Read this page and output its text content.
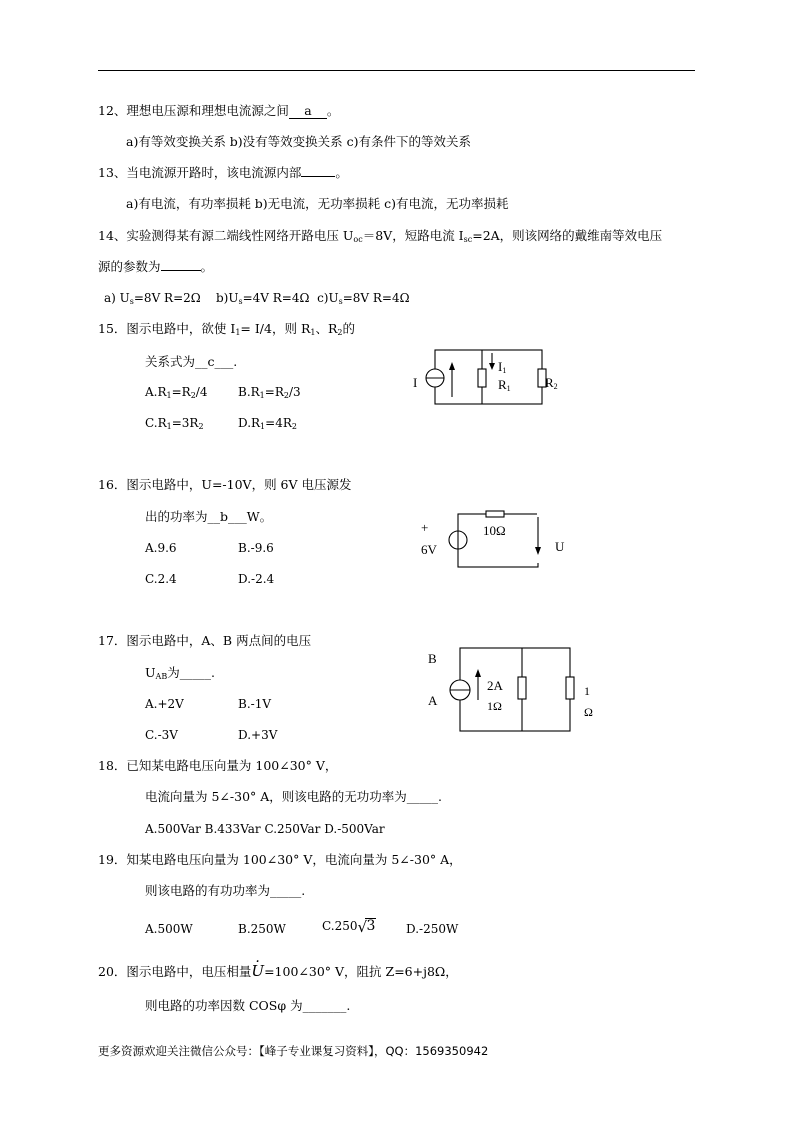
12、理想电压源和理想电流源之间 a 。
a)有等效变换关系 b)没有等效变换关系 c)有条件下的等效关系
13、当电流源开路时，该电流源内部	。
a)有电流，有功率损耗 b)无电流，无功率损耗 c)有电流，无功率损耗
14、实验测得某有源二端线性网络开路电压 $U_{oc}=8V$，短路电流 $I_{sc}=2A$，则该网络的戴维南等效电压
源的参数为	。
a) $U_s=8V$ R=2Ω $b)U_s=4V$ R=4Ω $c)U_s=8V$ R=4Ω
15．图示电路中，欲使 $I_1= I/4$，则 $R_1$、$R_2$的
关系式为__c___.
$A.R_1=R_2/4$	$B.R_1=R_2/3$
$C.R_1=3R_2$	$D.R_1=4R_2$
I
$I_1$
$R_1$	$R_2$
16．图示电路中，U=-10V，则 6V 电压源发
出的功率为__b___W。
A.9.6	B.-9.6
C.2.4	D.-2.4
+
6V
10Ω
U
17．图示电路中，A、B 两点间的电压
$U_{AB}$为_____.
A.+2V	B.-1V
C.-3V	D.+3V
B
A
2A
1Ω
1
Ω
18．已知某电路电压向量为 100∠30° V，
电流向量为 5∠-30° A，则该电路的无功功率为_____.
A.500Var B.433Var C.250Var D.-500Var
19．知某电路电压向量为 100∠30° V，电流向量为 5∠-30° A，
则该电路的有功功率为_____.
A.500W	B.250W	C.250 √ 3	D.-250W
20．图示电路中，电压相量U .=100∠30° V，阻抗 Z=6+j8Ω，
则电路的功率因数 COSφ 为_______.
更多资源欢迎关注微信公众号：【峰子专业课复习资料】，QQ：1569350942
